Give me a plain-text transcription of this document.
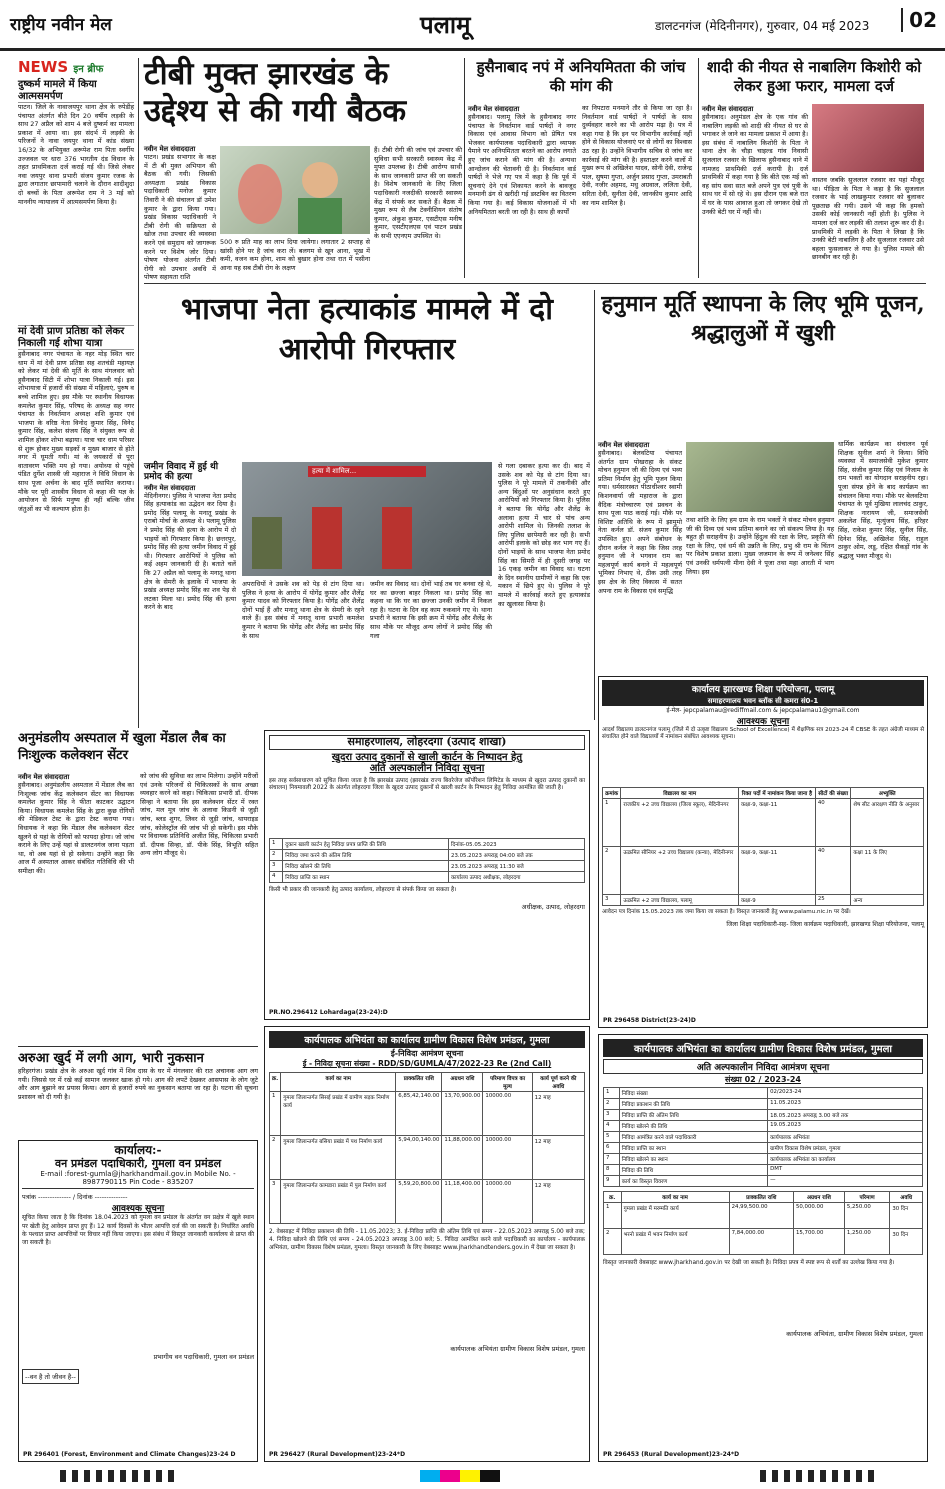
राष्ट्रीय नवीन मेल	पलामू	डालटनगंज (मेदिनीनगर), गुरुवार, 04 मई 2023	02
NEWS इन ब्रीफ
दुष्कर्म मामले में किया आत्मसमर्पण
पाटन। जिले के नावाजयपुर थाना क्षेत्र के रुपेडीह पंचायत अंतर्गत बीते दिन 20 वर्षीय लड़की के साथ 27 अप्रैल को शाम 4 बजे दुष्कर्म का मामला प्रकाश में आया था। इस संदर्भ में लड़की के परिजनों ने नावा जयपुर थाना में कांड संख्या 16/32 के अभियुक्त अरूपेश राम पिता स्वर्गीय उज्जवल पर धारा 376 भारतीय दंड विधान के तहत प्राथमिकता दर्ज कराई गई थी। जिसे लेकर नवा जयपुर थाना प्रभारी संजय कुमार रजक के द्वारा लगातार छापामारी चलाने के दौरान शादीशुदा दो बच्चों के पिता अरूपेश राम ने 3 मई को माननीय न्यायालय में आत्मसमर्पण किया है।
मां देवी प्राण प्रतिष्ठा को लेकर निकाली गई शोभा यात्रा
हुसैनाबाद नगर पंचायत के नहर मोड़ स्थित चार धाम में मां देवी प्राण प्रतिष्ठा सह शतचंडी महायज्ञ को लेकर मां देवी की मूर्ति के साथ मंगलवार को हुसैनाबाद सिटी में शोभा यात्रा निकाली गई। इस शोभायात्रा में हजारों की संख्या में महिलाएं, पुरुष व बच्चे शामिल हुए। इस मौके पर स्थानीय विधायक कमलेश कुमार सिंह, परिषद के अध्यक्ष सह नगर पंचायत के निवर्तमान अध्यक्ष शशि कुमार एवं भाजपा के वरिष्ठ नेता विनोद कुमार सिंह, विनेद कुमार सिंह, कलेश संजय सिंह ने संयुक्त रूप से शामिल होकर शोभा बढ़ाया। यात्रा चार धाम परिसर से शुरू होकर मुख्य सड़कों व मुख्य बाजार से होते नगर में घूमती गयी। मां के जयकारों से पूरा वातावरण भक्ति मय हो गया। अयोध्या से पहुंचे पंडित दुर्गेश शास्त्री जी महाराज ने विधि विधान के साथ पूजा अर्चना के बाद मूर्ति स्थापित कराया। मौके पर पूरी शास्त्रीय विधान से कहा की यज्ञ के आयोजन से सिर्फ मनुष्य ही नहीं बल्कि जीव जंतुओं का भी कल्याण होता है।
टीबी मुक्त झारखंड के उद्देश्य से की गयी बैठक
नवीन मेल संवाददाता
पाटन। प्रखंड सभागार के कक्ष में टी बी मुक्त अभियान की बैठक की गयी। जिसकी अध्यक्षता प्रखंड विकास पदाधिकारी मनोज कुमार तिवारी ने की संचालन डॉ उमेश कुमार के द्वारा किया गया। प्रखंड विकास पदाधिकारी ने टीबी रोगी की सक्रियता से खोज तथा उपचार की व्यवस्था करने एवं समुदाय को जागरूक करने पर विशेष जोर दिया। पोषण योजना अंतर्गत टीबी रोगी को उपचार अवधि में पोषण सहायता राशि
500 रु प्रति माह का लाभ दिया जायेगा। लगातार 2 सप्ताह से खांसी होने पर है जांच करा लें। बलगम से खून आना, भूख में कमी, वजन कम होना, शाम को बुखार होना तथा रात में पसीना आना यह सब टीबी रोग के लक्षण
हैं। टीबी रोगी की जांच एवं उपचार की सुविधा सभी सरकारी स्वास्थ्य केंद्र में मुफ्त उपलब्ध है। टीबी आरोग्य साथी के साथ जानकारी प्राप्त की जा सकती है। विशेष जानकारी के लिए जिला पदाधिकारी नजदीकी सरकारी स्वास्थ्य केंद्र में संपर्क कर सकते हैं। बैठक में मुख्य रूप से लैब टेक्नीशियन संतोष कुमार, अंकुश कुमार, एसटीएस मनीष कुमार, एसटीएलएस एवं पाटन प्रखंड के सभी एएनएम उपस्थित थे।
हुसैनाबाद नपं में अनियमितता की जांच की मांग की
नवीन मेल संवाददाता
हुसैनाबाद। पलामू जिले के हुसैनाबाद नगर पंचायत के निवर्तमान वार्ड पार्षदों ने नगर विकास एवं आवास विभाग को प्रेषित पत्र भेजकर कार्यपालक पदाधिकारी द्वारा व्यापक पैमाने पर अनियमितता बरतने का आरोप लगाते हुए जांच कराने की मांग की है। अन्यथा आन्दोलन की चेतावनी दी है। निवर्तमान वार्ड पार्षदों ने भेजे गए पत्र में कहा है कि पूर्व में सूचनाएं देने एवं शिकायत करने के बावजूद मनमानी ढंग से खरीदी गई डस्टबिन का वितरण किया गया है। कई विकास योजनाओं में भी अनियमितता बरती जा रही है। साथ ही कार्यों
का निपटारा मनमाने तौर से किया जा रहा है। निवर्तमान वार्ड पार्षदों ने पार्षदों के साथ दुर्व्यवहार करने का भी आरोप मढ़ा है। पत्र में कहा गया है कि इन पर विभागीय कार्रवाई नहीं होने से विकास योजनाएं पर से लोगों का विश्वास उठ रहा है। उन्होंने विभागीय सचिव से जांच कर कार्रवाई की मांग की है। हस्ताक्षर करने वालों में मुख्य रूप से अखिलेश यादव, सोनी देवी, राजेन्द्र पाल, सुषमा गुप्ता, अर्जुन प्रसाद गुप्ता, उमराबती देवी, नजीर अहमद, मधु अग्रवाल, ललिता देवी, सरिता देवी, सुनीता देवी, जानकीय कुमार आदि का नाम शामिल है।
शादी की नीयत से नाबालिग किशोरी को लेकर हुआ फरार, मामला दर्ज
नवीन मेल संवाददाता
हुसैनाबाद। अनुमंडल क्षेत्र के एक गांव की नाबालिग लड़की को शादी की नीयत से घर से भगाकर ले जाने का मामला प्रकाश में आया है। इस संबंध में नाबालिग किशोरी के पिता ने थाना क्षेत्र के चौड़ा चाइल्ड गांव निवासी सुजलाल रजवार के खिलाफ हुसैनाबाद थाने में नामजद प्राथमिकी दर्ज करायी है। दर्ज प्राथमिकी में कहा गया है कि बीते एक मई को वह सांय सवा सात बजे अपने पुत्र एवं पुत्री के साथ घर में सो रहे थे। इस दौरान एक बजे रात में घर के पास आवाज हुआ तो जगकर देखे तो उनकी बेटी घर में नहीं थी।
वास्तव जबकि सुजलाल रजवार का यहां मौजूद था। पीड़िता के पिता ने कहा है कि सुजलाल रजवार के भाई लाखकुमार रजवार को बुलाकर पूछताछ की गयी। उसने भी कहा कि हमको उसकी कोई जानकारी नहीं होती है। पुलिस ने मामला दर्ज कर लड़की की तलाश शुरू कर दी है। प्राथमिकी में लड़की के पिता ने लिखा है कि उनकी बेटी नाबालिग है और सुजलाल रजवार उसे बहला फुसलाकर ले गया है। पुलिस मामले की छानबीन कर रही है।
भाजपा नेता हत्याकांड मामले में दो आरोपी गिरफ्तार
जमीन विवाद में हुई थी प्रमोद की हत्या
नवीन मेल संवाददाता
मेदिनीनगर। पुलिस ने भाजपा नेता प्रमोद सिंह हत्याकांड का उद्भेदन कर दिया है। प्रमोद सिंह पलामू के मनातू प्रखंड के एराबो मोर्चा के अध्यक्ष थे। पलामू पुलिस ने प्रमोद सिंह की हत्या के आरोप में दो भाइयों को गिरफ्तार किया है। छत्तरपुर, प्रमोद सिंह की हत्या जमीन विवाद में हुई थी। गिरफ्तार आरोपियों ने पुलिस को कई अहम जानकारी दी है। बताते चलें कि 27 अप्रैल को पलामू के मनातू थाना क्षेत्र के सेमरी के इलाके में भाजपा के प्रखंड अध्यक्ष प्रमोद सिंह का शव पेड़ से लटका मिला था। प्रमोद सिंह की हत्या करने के बाद
हत्या में शामिल...
अपराधियों ने उसके शव को पेड़ से टांग दिया था। पुलिस ने हत्या के आरोप में योगेंद्र कुमार और शैलेंद्र कुमार यादव को गिरफ्तार किया है। योगेंद्र और शैलेंद्र दोनों भाई हैं और मनातू थाना क्षेत्र के सेमरी के रहने वाले हैं। इस संबंध में मनातू थाना प्रभारी कमलेश कुमार ने बताया कि योगेंद्र और शैलेंद्र का प्रमोद सिंह के साथ
जमीन का विवाद था। दोनों भाई तब घर बनवा रहे थे, घर का छज्जा बाहर निकला था। प्रमोद सिंह का कहना था कि घर का छज्जा उनकी जमीन में निकल रहा है। घटना के दिन वह काम रुकवाने गए थे। थाना प्रभारी ने बताया कि इसी क्रम में योगेंद्र और शैलेंद्र के साथ मौके पर मौजूद अन्य लोगों ने प्रमोद सिंह की गला
से गला दबाकर हत्या कर दी। बाद में उसके शव को पेड़ से टांग दिया था। पुलिस ने पूरे मामले में तकनीकी और अन्य बिंदुओं पर अनुसंधान करते हुए आरोपियों को गिरफ्तार किया है। पुलिस ने बताया कि योगेंद्र और शैलेंद्र के अलावा हत्या में चार से पांच अन्य आरोपी शामिल थे। जिनकी तलाश के लिए पुलिस छापेमारी कर रही है। सभी आरोपी इलाके को छोड़ कर भाग गए हैं। दोनों भाइयों के साथ भाजपा नेता प्रमोद सिंह का सिमरी में ही दूसरी जगह पर 16 एकड़ जमीन का विवाद था। घटना के दिन स्थानीय ग्रामीणों ने कहा कि एक मकान में छिपे हुए थे। पुलिस ने पूरे मामले में कार्रवाई करते हुए हत्याकांड का खुलासा किया है।
हनुमान मूर्ति स्थापना के लिए भूमि पूजन, श्रद्धालुओं में खुशी
नवीन मेल संवाददाता
हुसैनाबाद। बेलवटिया पंचायत अंतर्गत ग्राम पोखराहा के संकट मोचन हनुमान जी की दिव्य एवं भव्य प्रतिमा निर्माण हेतु भूमि पूजन किया गया। धर्मसारस्वत पीठाधीश्वर स्वामी किशनवार्या जी महाराज के द्वारा वैदिक मंत्रोच्चारण एवं प्रवचन के साथ पूजा पाठ कराई गई। मौके पर विशिष्ट अतिथि के रूप में झामुमो नेता कर्नल डॉ. संजय कुमार सिंह उपस्थित हुए। अपने संबोधन के दौरान कर्नल ने कहा कि जिस तरह हनुमान जी ने भगवान राम का महत्वपूर्ण कार्य बनाने में महत्वपूर्ण भूमिका निभाए थे, ठीक उसी तरह इस क्षेत्र के लिए विकास में सतत अपना राम के विकास एवं समृद्धि
तथा शांति के लिए हम ग्राम के राम भक्तों ने संकट मोचन हनुमान जी की दिव्य एवं भव्य प्रतिमा बनाने का जो संकल्प लिया है। यह बहुत ही सराहनीय है। उन्होंने हिंदुत्व की रक्षा के लिए, प्रकृति की रक्षा के लिए, एवं धर्म की उन्नति के लिए, प्रभु श्री राम के चिंतन पर विशेष प्रकाश डाला। मुख्य जजमान के रूप में जनेश्वर सिंह एवं उनकी धर्मपत्नी मीना देवी ने पूजा तथा महा आरती में भाग लिया। इस
धार्मिक कार्यक्रम का संचालन पूर्व शिक्षक सुनील शर्मा ने किया। विधि व्यवस्था में समाजसेवी मुकेश कुमार सिंह, संजीव कुमार सिंह एवं निजाम के राम भक्तों का योगदान सराहनीय रहा। पूजा संपन्न होने के बाद कार्यक्रम का संचालन किया गया। मौके पर बेलवटिया पंचायत के पूर्व मुखिया लालचंद ठाकुर, शिक्षक नारायण जी, समाजसेवी अकलेश सिंह, मृत्युंजय सिंह, हरिहर सिंह, राकेश कुमार सिंह, सुनील सिंह, दिनेश सिंह, अखिलेश सिंह, राहुल ठाकुर ओम, लडू, रक्षित सैकड़ों गांव के श्रद्धालु भक्त मौजूद थे।
कार्यालय झारखण्ड शिक्षा परियोजना, पलामू
समाहरणालय भवन ब्लॉक सी कमरा सं0-1
ई-मेल- jepcpalamau@rediffmail.com & jepcpalamau1@gmail.com
आवश्यक सूचना
आदर्श विद्यालय डालटनगंज पलामू (जिले में दो उत्कृष्ट विद्यालय School of Excellence) में शैक्षणिक सत्र 2023-24 में CBSE के तहत अंग्रेजी माध्यम से संचालित होने वाले विद्यालयों में नामांकन संबंधित आवश्यक सूचना।
क्रमांक	विद्यालय का नाम	रिक्त पदों में नामांकन किया जाना है	सीटों की संख्या	अभ्युक्ति
1	राजकीय +2 उच्च विद्यालय (जिला स्कूल), मेदिनीनगर	कक्षा-9, कक्षा-11	40	शेष सीट आरक्षण नीति के अनुसार
2	उत्क्रमित सीनियर +2 उच्च विद्यालय (कन्या), मेदिनीनगर	कक्षा-9, कक्षा-11	40	कक्षा 11 के लिए
3	उत्क्रमित +2 उच्च विद्यालय, पलामू	कक्षा-9	25	अन्य
आवेदन पत्र दिनांक 15.05.2023 तक जमा किया जा सकता है। विस्तृत जानकारी हेतु www.palamu.nic.in पर देखें।
जिला शिक्षा पदाधिकारी-सह- जिला कार्यक्रम पदाधिकारी, झारखण्ड शिक्षा परियोजना, पलामू
PR 296458 District(23-24)D
अनुमंडलीय अस्पताल में खुला मेंडाल लैब का निःशुल्क कलेक्शन सेंटर
नवीन मेल संवाददाता
हुसैनाबाद। अनुमंडलीय अस्पताल में मेंडाल लैब का निःशुल्क जांच केंद्र कलेक्शन सेंटर का विधायक कमलेश कुमार सिंह ने फीता काटकर उद्घाटन किया। विधायक कमलेश सिंह के द्वारा कुछ रोगियों की मेडिकल टेस्ट के द्वारा टेस्ट कराया गया। विधायक ने कहा कि मेंडाल लैब कलेक्शन सेंटर खुलने से यहां के रोगियों को फायदा होगा। जो जांच कराने के लिए उन्हें यहां से डालटनगंज जाना पड़ता था, वो अब यहां से हो सकेगा। उन्होंने कहा कि आज मैं अस्पताल आकर संबंधित गतिविधि की भी समीक्षा की।
को जांच की सुविधा का लाभ मिलेगा। उन्होंने मरीजों एवं उनके परिजनों से चिकित्सकों के साथ अच्छा व्यवहार करने को कहा। चिकित्सा प्रभारी डॉ. दीपक सिन्हा ने बताया कि इस कलेक्शन सेंटर में रक्त जांच, मल मूत्र जांच के अलावा किडनी से जुड़ी जांच, ब्लड शुगर, लिवर से जुड़ी जांच, थायराइड जांच, कोलेस्ट्रॉल की जांच भी हो सकेगी। इस मौके पर विधायक प्रतिनिधि अजीत सिंह, चिकित्सा प्रभारी डॉ. दीपक सिन्हा, डॉ. पीके सिंह, विभूति सहित अन्य लोग मौजूद थे।
अरुआ खुर्द में लगी आग, भारी नुकसान
हरिहरगंज। प्रखंड क्षेत्र के अरुआ खुर्द गांव में शिव दास के घर में मंगलवार की रात अचानक आग लग गयी। जिससे घर में रखे कई सामान जलकर खाक हो गये। आग की लपटें देखकर आसपास के लोग जुटे और आग बुझाने का प्रयास किया। आग से हजारों रुपये का नुकसान बताया जा रहा है। घटना की सूचना प्रशासन को दी गयी है।
कार्यालय:-
वन प्रमंडल पदाधिकारी, गुमला वन प्रमंडल
E-mail :forest-gumla@jharkhandmail.gov.in Mobile No. - 8987790115 Pin Code - 835207
पत्रांक -------------- / दिनांक --------------
आवश्यक सूचना
सूचित किया जाता है कि दिनांक 18.04.2023 को गुमला वन प्रमंडल के अंतर्गत वन प्रक्षेत्र में खुले स्थान पर खेती हेतु आवेदन प्राप्त हुए हैं। 12 कार्य दिवसों के भीतर आपत्ति दर्ज की जा सकती है। निर्धारित अवधि के पश्चात प्राप्त आपत्तियों पर विचार नहीं किया जाएगा। इस संबंध में विस्तृत जानकारी कार्यालय से प्राप्त की जा सकती है।
प्रभागीय वन पदाधिकारी, गुमला वन प्रमंडल
--वन है तो जीवन है--
PR 296401 (Forest, Environment and Climate Changes)23-24 D
समाहरणालय, लोहरदगा (उत्पाद शाखा)
खुदरा उत्पाद दुकानों से खाली कार्टन के निष्पादन हेतु
अति अल्पकालीन निविदा सूचना
इस तरह सर्वसाधारण को सूचित किया जाता है कि झारखंड उत्पाद (झारखंड राज्य बिवरेजेज कॉर्पोरेशन लिमिटेड के माध्यम से खुदरा उत्पाद दुकानों का संचालन) नियमावली 2022 के अंतर्गत लोहरदगा जिला के खुदरा उत्पाद दुकानों से खाली कार्टन के निष्पादन हेतु निविदा आमंत्रित की जाती है।
1	दुकान खाली कार्टन हेतु निविदा प्रपत्र प्राप्ति की तिथि	दिनांक-05.05.2023
2	निविदा जमा करने की अंतिम तिथि	23.05.2023 अपराह्न 04:00 बजे तक
3	निविदा खोलने की तिथि	23.05.2023 अपराह्न 11:30 बजे
4	निविदा प्राप्ति का स्थान	कार्यालय उत्पाद अधीक्षक, लोहरदगा
किसी भी प्रकार की जानकारी हेतु उत्पाद कार्यालय, लोहरदगा से संपर्क किया जा सकता है।
अधीक्षक, उत्पाद, लोहरदगा
PR.NO.296412 Lohardaga(23-24):D
कार्यपालक अभियंता का कार्यालय ग्रामीण विकास विशेष प्रमंडल, गुमला
ई-निविदा आमंत्रण सूचना
ई - निविदा सूचना संख्या - RDD/SD/GUMLA/47/2022-23 Re (2nd Call)
क्र.	कार्य का नाम	प्राक्कलित राशि	अग्रधन राशि	परिमाण विपत्र का मूल्य	कार्य पूर्ण करने की अवधि
1	गुमला जिलान्तर्गत सिसई प्रखंड में ग्रामीण सड़क निर्माण कार्य	6,85,42,140.00	13,70,900.00	10000.00	12 माह
2	गुमला जिलान्तर्गत बसिया प्रखंड में पथ निर्माण कार्य	5,94,00,140.00	11,88,000.00	10000.00	12 माह
3	गुमला जिलान्तर्गत कामडारा प्रखंड में पुल निर्माण कार्य	5,59,20,800.00	11,18,400.00	10000.00	12 माह
2. वेबसाइट में निविदा प्रकाशन की तिथि - 11.05.2023; 3. ई-निविदा प्राप्ति की अंतिम तिथि एवं समय - 22.05.2023 अपराह्न 5.00 बजे तक; 4. निविदा खोलने की तिथि एवं समय - 24.05.2023 अपराह्न 3.00 बजे; 5. निविदा आमंत्रित करने वाले पदाधिकारी का कार्यालय - कार्यपालक अभियंता, ग्रामीण विकास विशेष प्रमंडल, गुमला। विस्तृत जानकारी के लिए वेबसाइट www.jharkhandtenders.gov.in में देखा जा सकता है।
कार्यपालक अभियंता ग्रामीण विकास विशेष प्रमंडल, गुमला
PR 296427 (Rural Development)23-24*D
कार्यपालक अभियंता का कार्यालय ग्रामीण विकास विशेष प्रमंडल, गुमला
अति अल्पकालीन निविदा आमंत्रण सूचना
संख्या 02 / 2023-24
1	निविदा संख्या	02/2023-24
2	निविदा प्रकाशन की तिथि	11.05.2023
3	निविदा प्राप्ति की अंतिम तिथि	18.05.2023 अपराह्न 3.00 बजे तक
4	निविदा खोलने की तिथि	19.05.2023
5	निविदा आमंत्रित करने वाले पदाधिकारी	कार्यपालक अभियंता
6	निविदा प्राप्ति का स्थान	ग्रामीण विकास विशेष प्रमंडल, गुमला
7	निविदा खोलने का स्थान	कार्यपालक अभियंता का कार्यालय
8	निविदा की तिथि	DMT
9	कार्य का विस्तृत विवरण	—
क्र.	कार्य का नाम	प्राक्कलित राशि	अग्रधन राशि	परिमाण	अवधि
1	गुमला प्रखंड में मरम्मति कार्य	24,99,500.00	50,000.00	5,250.00	30 दिन
2	भरनो प्रखंड में भवन निर्माण कार्य	7,84,000.00	15,700.00	1,250.00	30 दिन
विस्तृत जानकारी वेबसाइट www.jharkhand.gov.in पर देखी जा सकती है। निविदा प्रपत्र में स्पष्ट रूप से शर्तों का उल्लेख किया गया है।
कार्यपालक अभियंता, ग्रामीण विकास विशेष प्रमंडल, गुमला
PR 296453 (Rural Development)23-24*D
